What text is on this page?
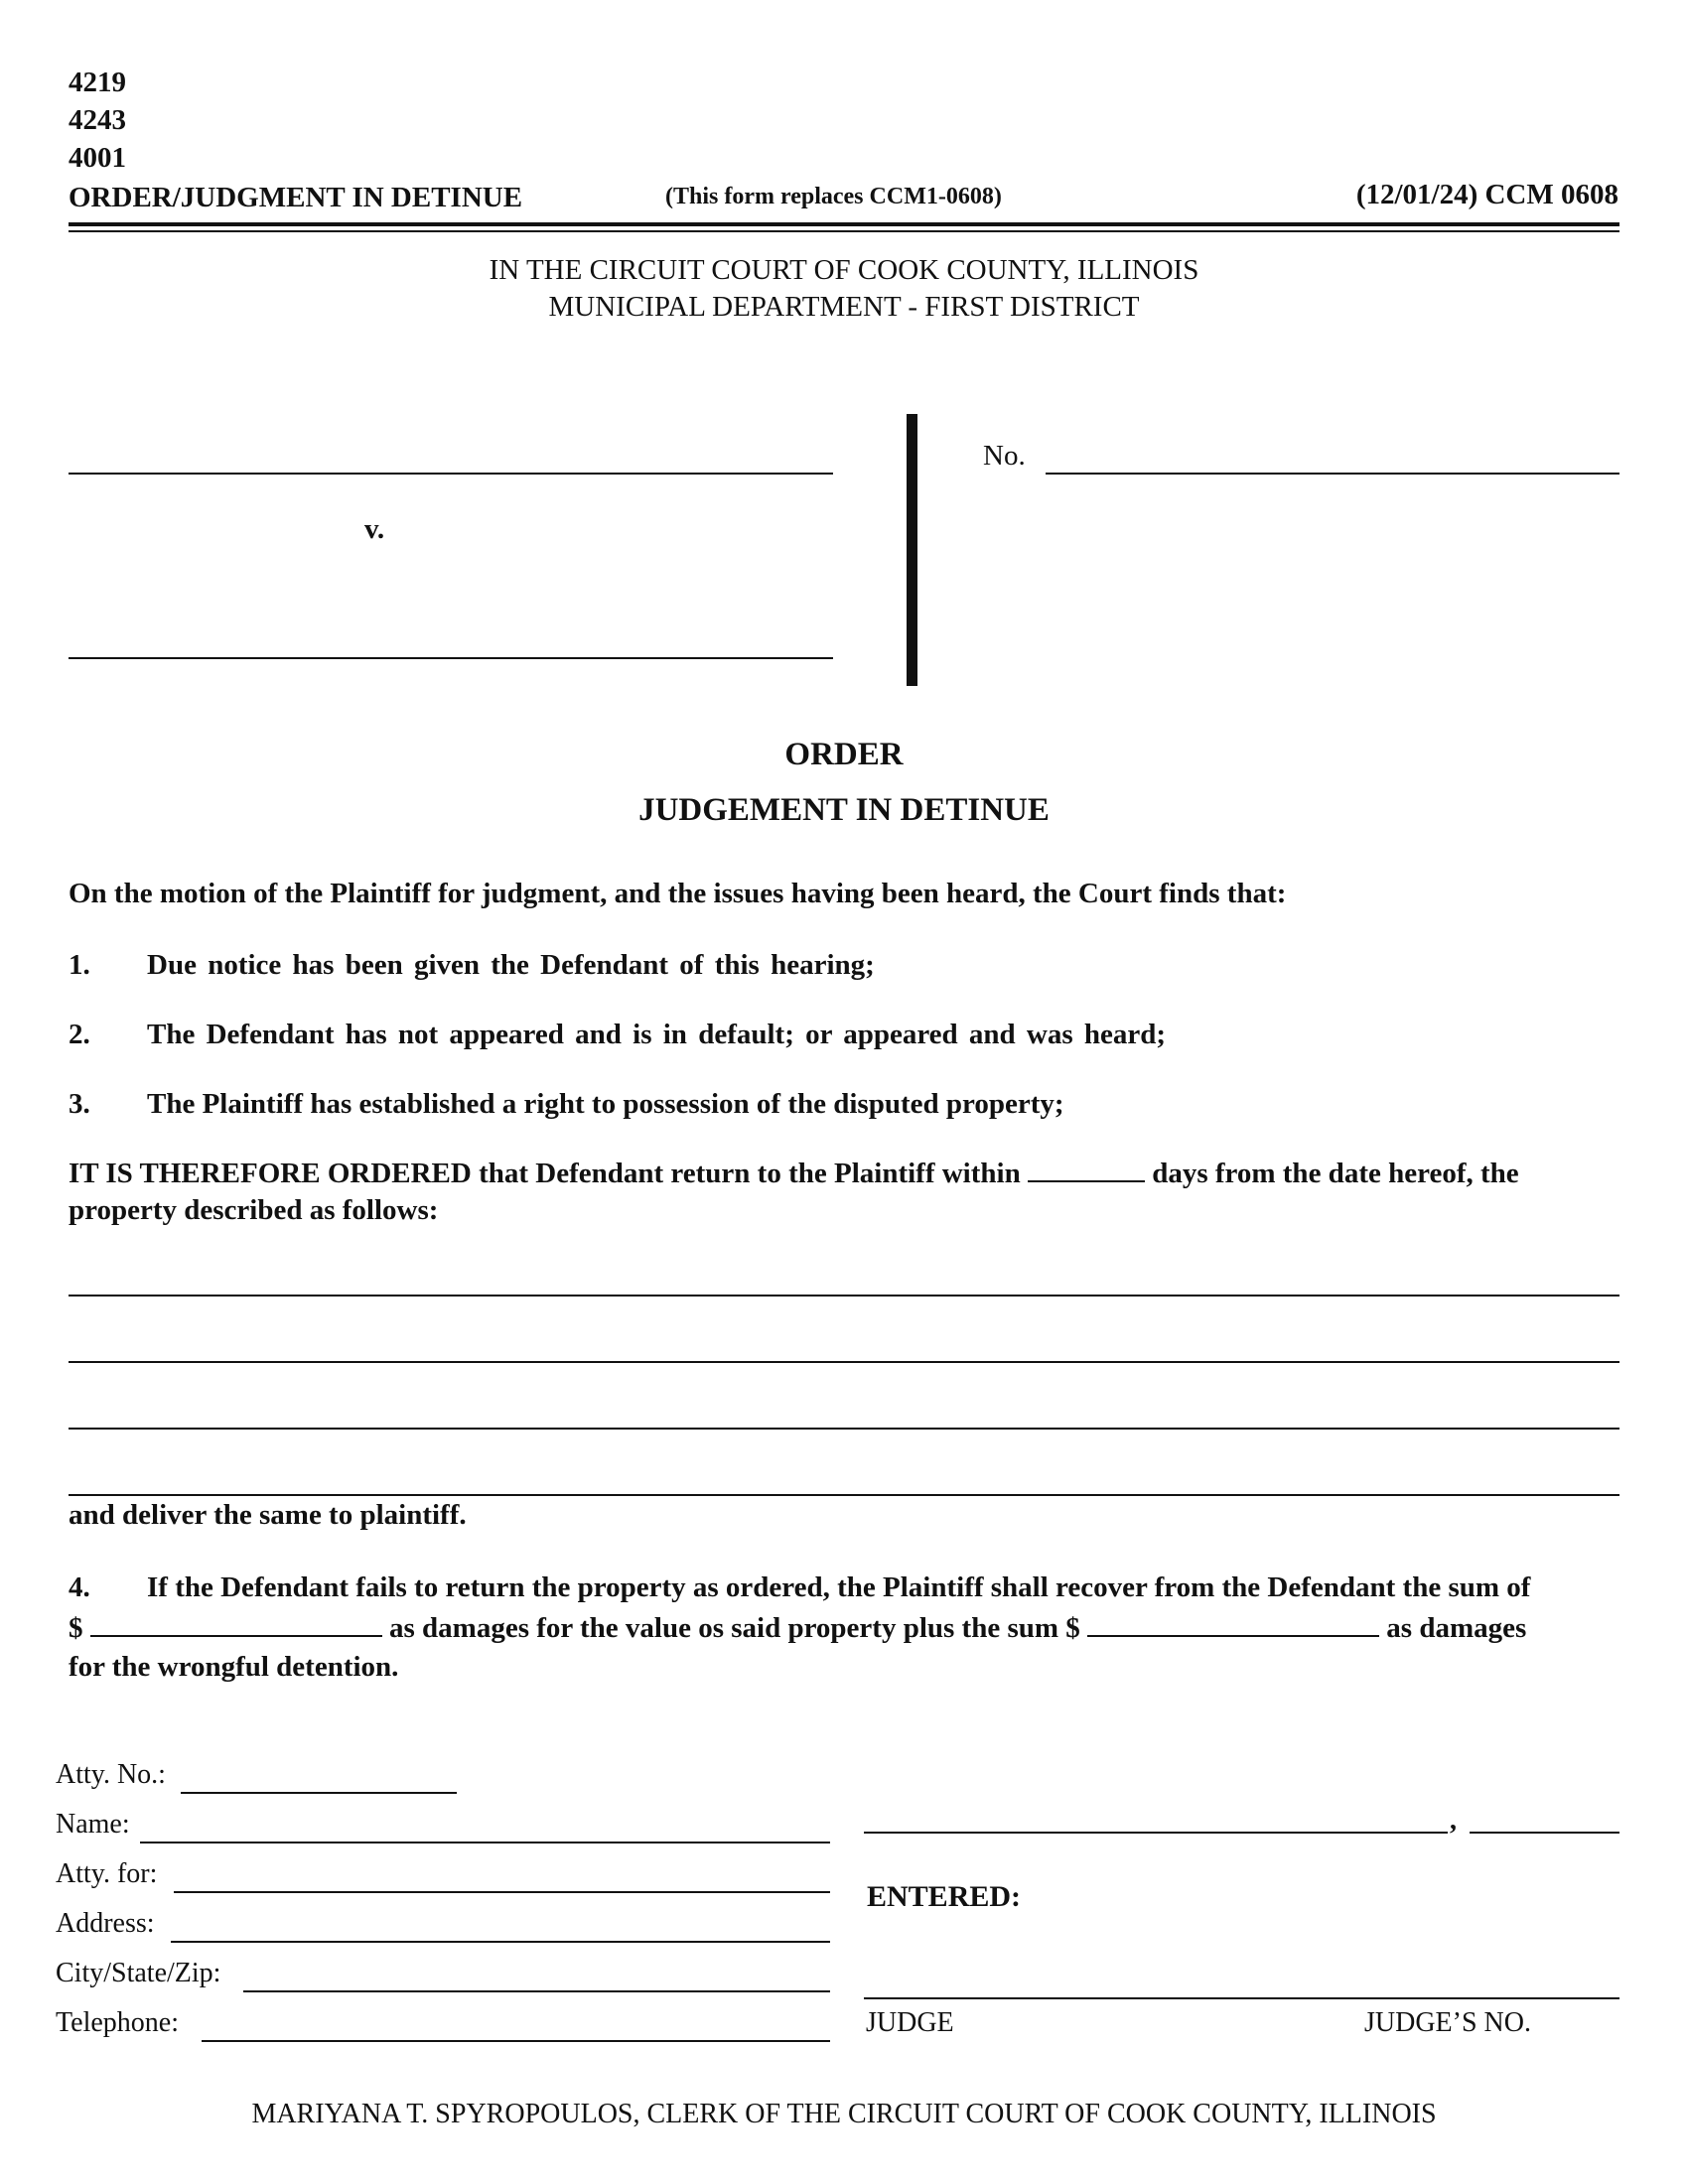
4219
4243
4001
ORDER/JUDGMENT IN DETINUE	(This form replaces CCM1-0608)	(12/01/24) CCM 0608
IN THE CIRCUIT COURT OF COOK COUNTY, ILLINOIS
MUNICIPAL DEPARTMENT - FIRST DISTRICT
v.
No.
ORDER
JUDGEMENT IN DETINUE
On the motion of the Plaintiff for judgment, and the issues having been heard, the Court finds that:
1. Due notice has been given the Defendant of this hearing;
2. The Defendant has not appeared and is in default; or appeared and was heard;
3. The Plaintiff has established a right to possession of the disputed property;
IT IS THEREFORE ORDERED that Defendant return to the Plaintiff within	days from the date hereof, the
property described as follows:
and deliver the same to plaintiff.
4. If the Defendant fails to return the property as ordered, the Plaintiff shall recover from the Defendant the sum of
$	as damages for the value os said property plus the sum $	as damages
for the wrongful detention.
Atty. No.:
Name:
Atty. for:
Address:
City/State/Zip:
Telephone:
,
ENTERED:
JUDGE	JUDGE’S NO.
MARIYANA T. SPYROPOULOS, CLERK OF THE CIRCUIT COURT OF COOK COUNTY, ILLINOIS
